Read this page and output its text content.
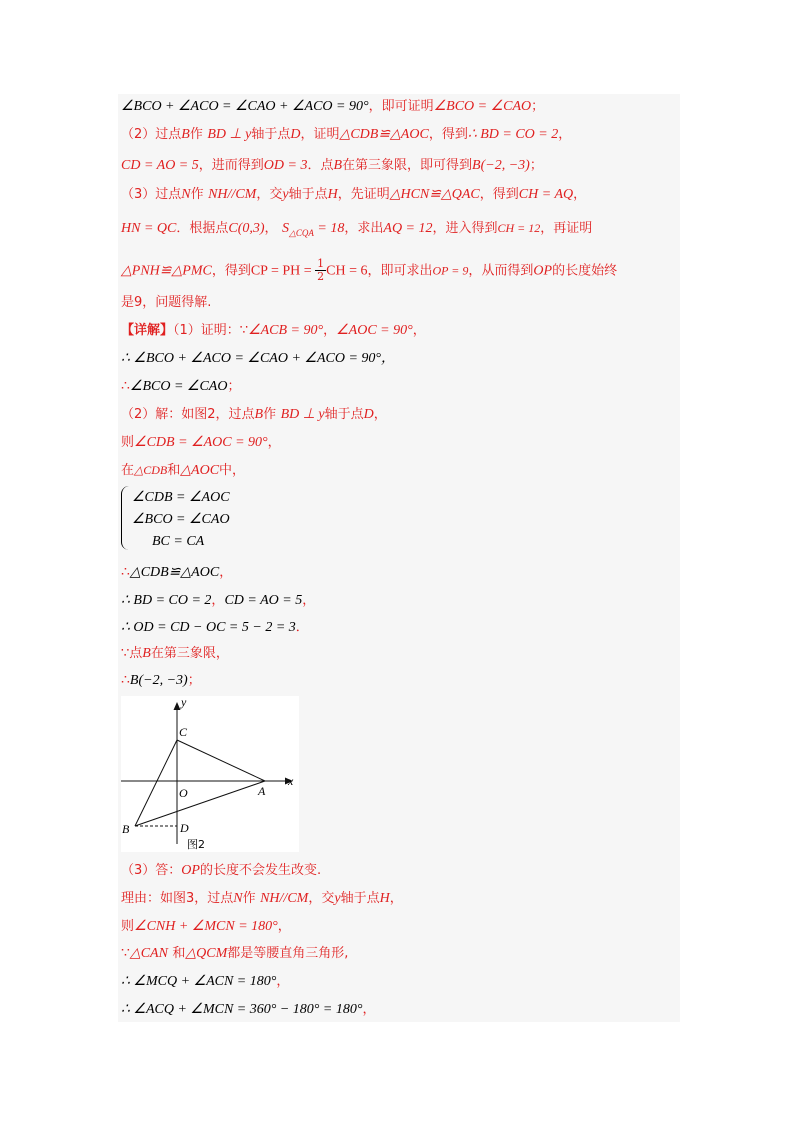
∠BCO + ∠ACO = ∠CAO + ∠ACO = 90°，即可证明∠BCO = ∠CAO；
（2）过点B作 BD ⊥ y轴于点D，证明△CDB≌△AOC，得到∴ BD = CO = 2，
CD = AO = 5，进而得到OD = 3．点B在第三象限，即可得到B(−2, −3)；
（3）过点N作 NH//CM，交y轴于点H，先证明△HCN≌△QAC，得到CH = AQ，
HN = QC．根据点C(0,3)， $S_{\triangle CQA} = 18$，求出AQ = 12，进入得到CH = 12，再证明
△PNH≌△PMC，得到CP = PH = $\frac{1}{2}$ CH = 6，即可求出OP = 9，从而得到OP的长度始终
是9，问题得解.
【详解】（1）证明：∵∠ACB = 90°，∠AOC = 90°，
∴ ∠BCO + ∠ACO = ∠CAO + ∠ACO = 90°，
∴∠BCO = ∠CAO；
（2）解：如图2，过点B作 BD ⊥ y轴于点D，
则∠CDB = ∠AOC = 90°，
在△CDB和△AOC中，
∠CDB = ∠AOC
∠BCO = ∠CAO
BC = CA
∴△CDB≌△AOC，
∴ BD = CO = 2，CD = AO = 5，
∴ OD = CD − OC = 5 − 2 = 3．
∵点B在第三象限，
∴B(−2, −3)；
y
x
C
O	A
B	D
图2
（3）答：OP的长度不会发生改变.
理由：如图3，过点N作 NH//CM，交y轴于点H，
则∠CNH + ∠MCN = 180°，
∵△CAN 和△QCM都是等腰直角三角形,
∴ ∠MCQ + ∠ACN = 180°，
∴ ∠ACQ + ∠MCN = 360° − 180° = 180°，
